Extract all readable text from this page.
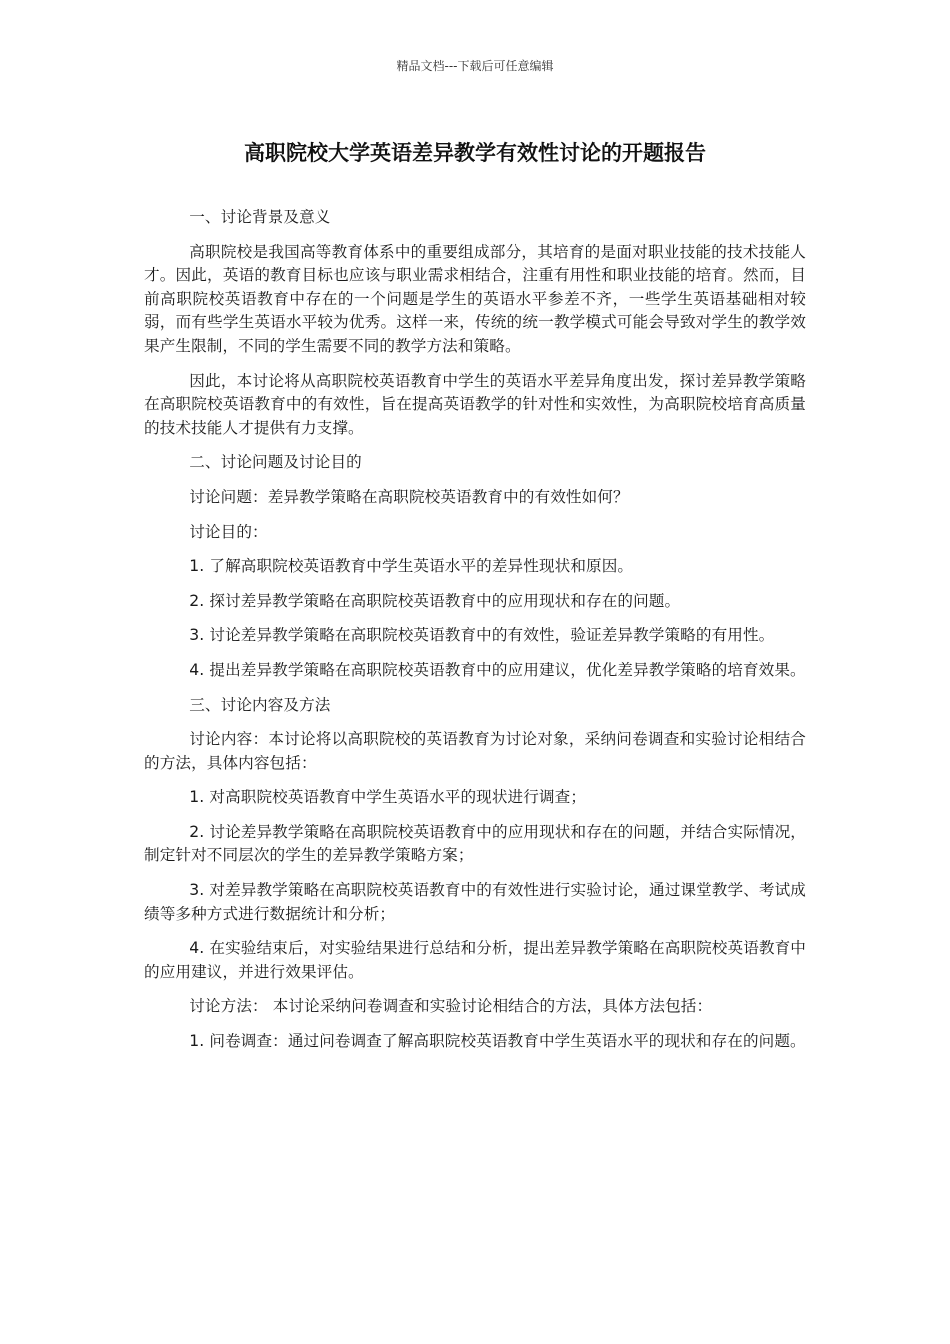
精品文档---下载后可任意编辑
高职院校大学英语差异教学有效性讨论的开题报告

一、讨论背景及意义

高职院校是我国高等教育体系中的重要组成部分，其培育的是面对职业技能的技术技能人才。因此，英语的教育目标也应该与职业需求相结合，注重有用性和职业技能的培育。然而，目前高职院校英语教育中存在的一个问题是学生的英语水平参差不齐，一些学生英语基础相对较弱，而有些学生英语水平较为优秀。这样一来，传统的统一教学模式可能会导致对学生的教学效果产生限制，不同的学生需要不同的教学方法和策略。

因此，本讨论将从高职院校英语教育中学生的英语水平差异角度出发，探讨差异教学策略在高职院校英语教育中的有效性，旨在提高英语教学的针对性和实效性，为高职院校培育高质量的技术技能人才提供有力支撑。

二、讨论问题及讨论目的

讨论问题：差异教学策略在高职院校英语教育中的有效性如何？

讨论目的：

1. 了解高职院校英语教育中学生英语水平的差异性现状和原因。

2. 探讨差异教学策略在高职院校英语教育中的应用现状和存在的问题。

3. 讨论差异教学策略在高职院校英语教育中的有效性，验证差异教学策略的有用性。

4. 提出差异教学策略在高职院校英语教育中的应用建议，优化差异教学策略的培育效果。

三、讨论内容及方法

讨论内容：本讨论将以高职院校的英语教育为讨论对象，采纳问卷调查和实验讨论相结合的方法，具体内容包括：

1. 对高职院校英语教育中学生英语水平的现状进行调查；

2. 讨论差异教学策略在高职院校英语教育中的应用现状和存在的问题，并结合实际情况，制定针对不同层次的学生的差异教学策略方案；

3. 对差异教学策略在高职院校英语教育中的有效性进行实验讨论，通过课堂教学、考试成绩等多种方式进行数据统计和分析；

4. 在实验结束后，对实验结果进行总结和分析，提出差异教学策略在高职院校英语教育中的应用建议，并进行效果评估。

讨论方法： 本讨论采纳问卷调查和实验讨论相结合的方法，具体方法包括：

1. 问卷调查：通过问卷调查了解高职院校英语教育中学生英语水平的现状和存在的问题。
